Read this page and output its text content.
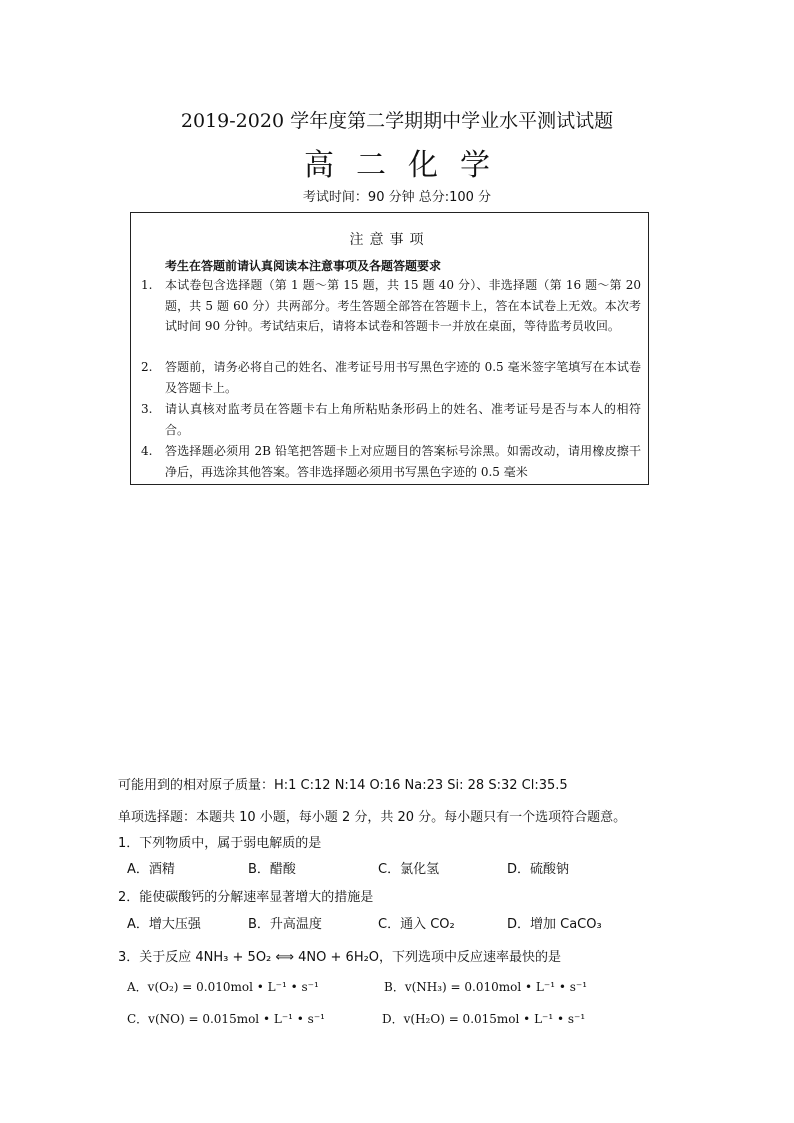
2019-2020 学年度第二学期期中学业水平测试试题
高二化学
考试时间：90 分钟 总分:100 分
注意事项
考生在答题前请认真阅读本注意事项及各题答题要求
1. 本试卷包含选择题（第 1 题～第 15 题，共 15 题 40 分）、非选择题（第 16 题～第 20 题，共 5 题 60 分）共两部分。考生答题全部答在答题卡上，答在本试卷上无效。本次考试时间 90 分钟。考试结束后，请将本试卷和答题卡一并放在桌面，等待监考员收回。
2. 答题前，请务必将自己的姓名、准考证号用书写黑色字迹的 0.5 毫米签字笔填写在本试卷及答题卡上。
3. 请认真核对监考员在答题卡右上角所粘贴条形码上的姓名、准考证号是否与本人的相符合。
4. 答选择题必须用 2B 铅笔把答题卡上对应题目的答案标号涂黑。如需改动，请用橡皮擦干净后，再选涂其他答案。答非选择题必须用书写黑色字迹的 0.5 毫米
可能用到的相对原子质量：H:1 C:12 N:14 O:16 Na:23 Si: 28 S:32 Cl:35.5
单项选择题：本题共 10 小题，每小题 2 分，共 20 分。每小题只有一个选项符合题意。
1．下列物质中，属于弱电解质的是
A．酒精	B．醋酸	C．氯化氢	D．硫酸钠
2．能使碳酸钙的分解速率显著增大的措施是
A．增大压强	B．升高温度	C．通入 CO₂	D．增加 CaCO₃
3．关于反应 4NH₃ + 5O₂ ⟺ 4NO + 6H₂O，下列选项中反应速率最快的是
A．v(O₂) = 0.010mol • L⁻¹ • s⁻¹	B．v(NH₃) = 0.010mol • L⁻¹ • s⁻¹
C．v(NO) = 0.015mol • L⁻¹ • s⁻¹	D．v(H₂O) = 0.015mol • L⁻¹ • s⁻¹
